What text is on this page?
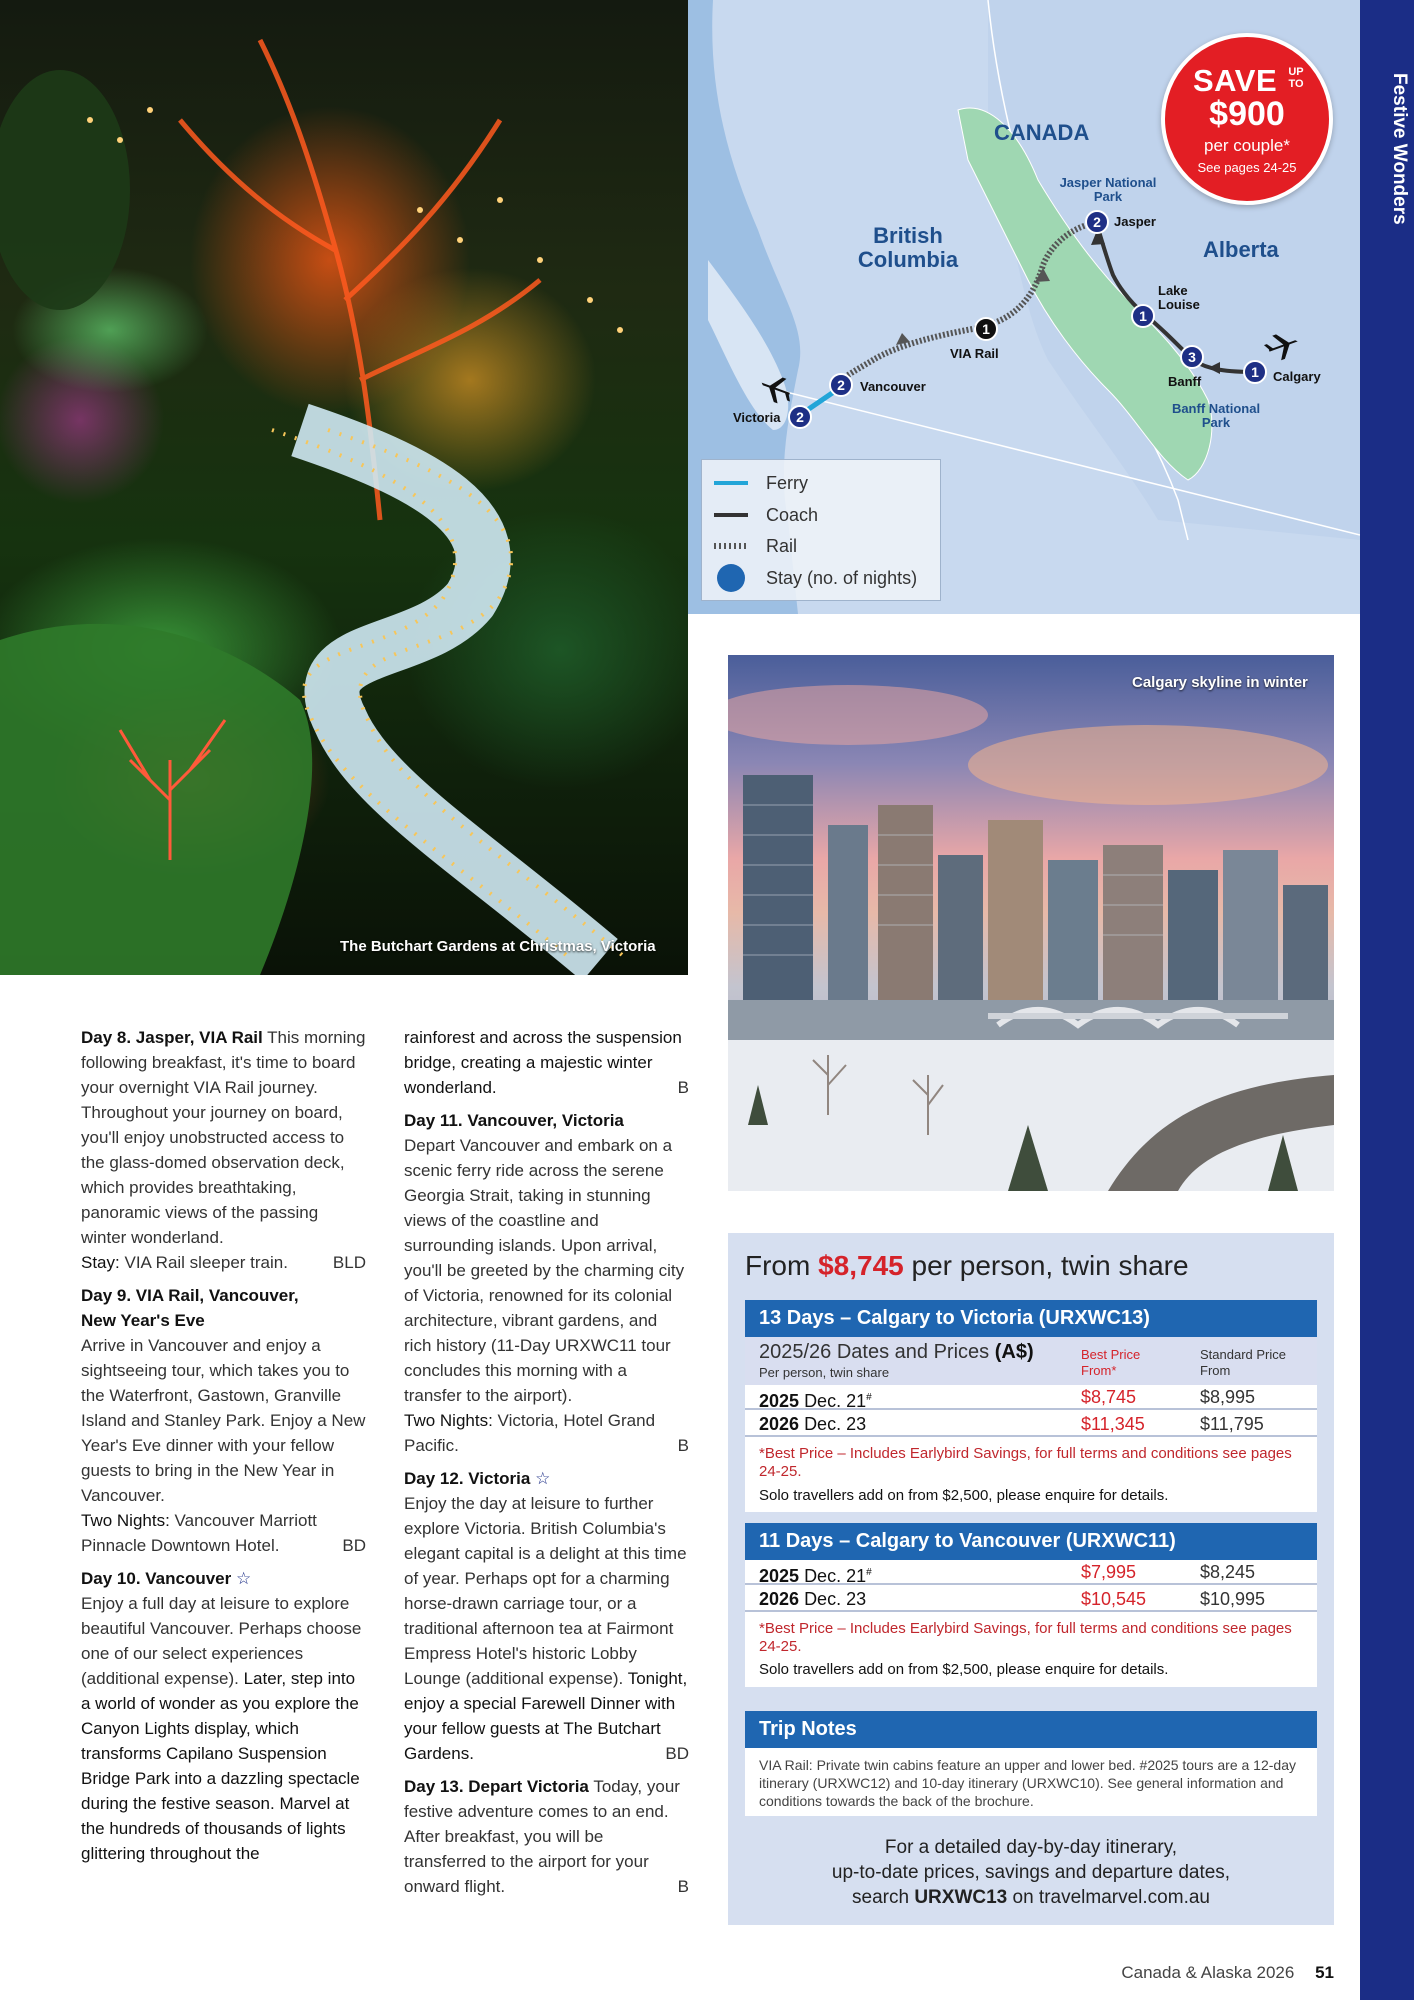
The Butchart Gardens at Christmas, Victoria
CANADA
British Columbia	Alberta
Jasper National Park
Banff National Park
2	Jasper
1
Lake Louise
3
Banff
1	Calgary
1
VIA Rail
2	Vancouver
2
Victoria
Ferry
Coach
Rail
Stay (no. of nights)
SAVE UP TO
$900
per couple*
See pages 24-25	Festive Wonders
Calgary skyline in winter

Day 8. Jasper, VIA Rail This morning following breakfast, it's time to board your overnight VIA Rail journey. Throughout your journey on board, you'll enjoy unobstructed access to the glass-domed observation deck, which provides breathtaking, panoramic views of the passing winter wonderland.
Stay: VIA Rail sleeper train.	BLD

Day 9. VIA Rail, Vancouver, New Year's Eve
Arrive in Vancouver and enjoy a sightseeing tour, which takes you to the Waterfront, Gastown, Granville Island and Stanley Park. Enjoy a New Year's Eve dinner with your fellow guests to bring in the New Year in Vancouver.
Two Nights: Vancouver Marriott Pinnacle Downtown Hotel.	BD

Day 10. Vancouver ☆
Enjoy a full day at leisure to explore beautiful Vancouver. Perhaps choose one of our select experiences (additional expense). Later, step into a world of wonder as you explore the Canyon Lights display, which transforms Capilano Suspension Bridge Park into a dazzling spectacle during the festive season. Marvel at the hundreds of thousands of lights glittering throughout the

rainforest and across the suspension bridge, creating a majestic winter wonderland.	B

Day 11. Vancouver, Victoria
Depart Vancouver and embark on a scenic ferry ride across the serene Georgia Strait, taking in stunning views of the coastline and surrounding islands. Upon arrival, you'll be greeted by the charming city of Victoria, renowned for its colonial architecture, vibrant gardens, and rich history (11-Day URXWC11 tour concludes this morning with a transfer to the airport).
Two Nights: Victoria, Hotel Grand Pacific.	B

Day 12. Victoria ☆
Enjoy the day at leisure to further explore Victoria. British Columbia's elegant capital is a delight at this time of year. Perhaps opt for a charming horse-drawn carriage tour, or a traditional afternoon tea at Fairmont Empress Hotel's historic Lobby Lounge (additional expense). Tonight, enjoy a special Farewell Dinner with your fellow guests at The Butchart Gardens.	BD

Day 13. Depart Victoria Today, your festive adventure comes to an end. After breakfast, you will be transferred to the airport for your onward flight.	B

From $8,745 per person, twin share
13 Days – Calgary to Victoria (URXWC13)
2025/26 Dates and Prices (A$)
Per person, twin share
Best Price From*
Standard Price From
2025 Dec. 21#	$8,745	$8,995
2026 Dec. 23	$11,345	$11,795
*Best Price – Includes Earlybird Savings, for full terms and conditions see pages 24-25.
Solo travellers add on from $2,500, please enquire for details.
11 Days – Calgary to Vancouver (URXWC11)
2025 Dec. 21#	$7,995	$8,245
2026 Dec. 23	$10,545	$10,995
*Best Price – Includes Earlybird Savings, for full terms and conditions see pages 24-25.
Solo travellers add on from $2,500, please enquire for details.
Trip Notes
VIA Rail: Private twin cabins feature an upper and lower bed. #2025 tours are a 12-day itinerary (URXWC12) and 10-day itinerary (URXWC10). See general information and conditions towards the back of the brochure.
For a detailed day-by-day itinerary,
up-to-date prices, savings and departure dates,
search URXWC13 on travelmarvel.com.au
Canada & Alaska 2026 51
